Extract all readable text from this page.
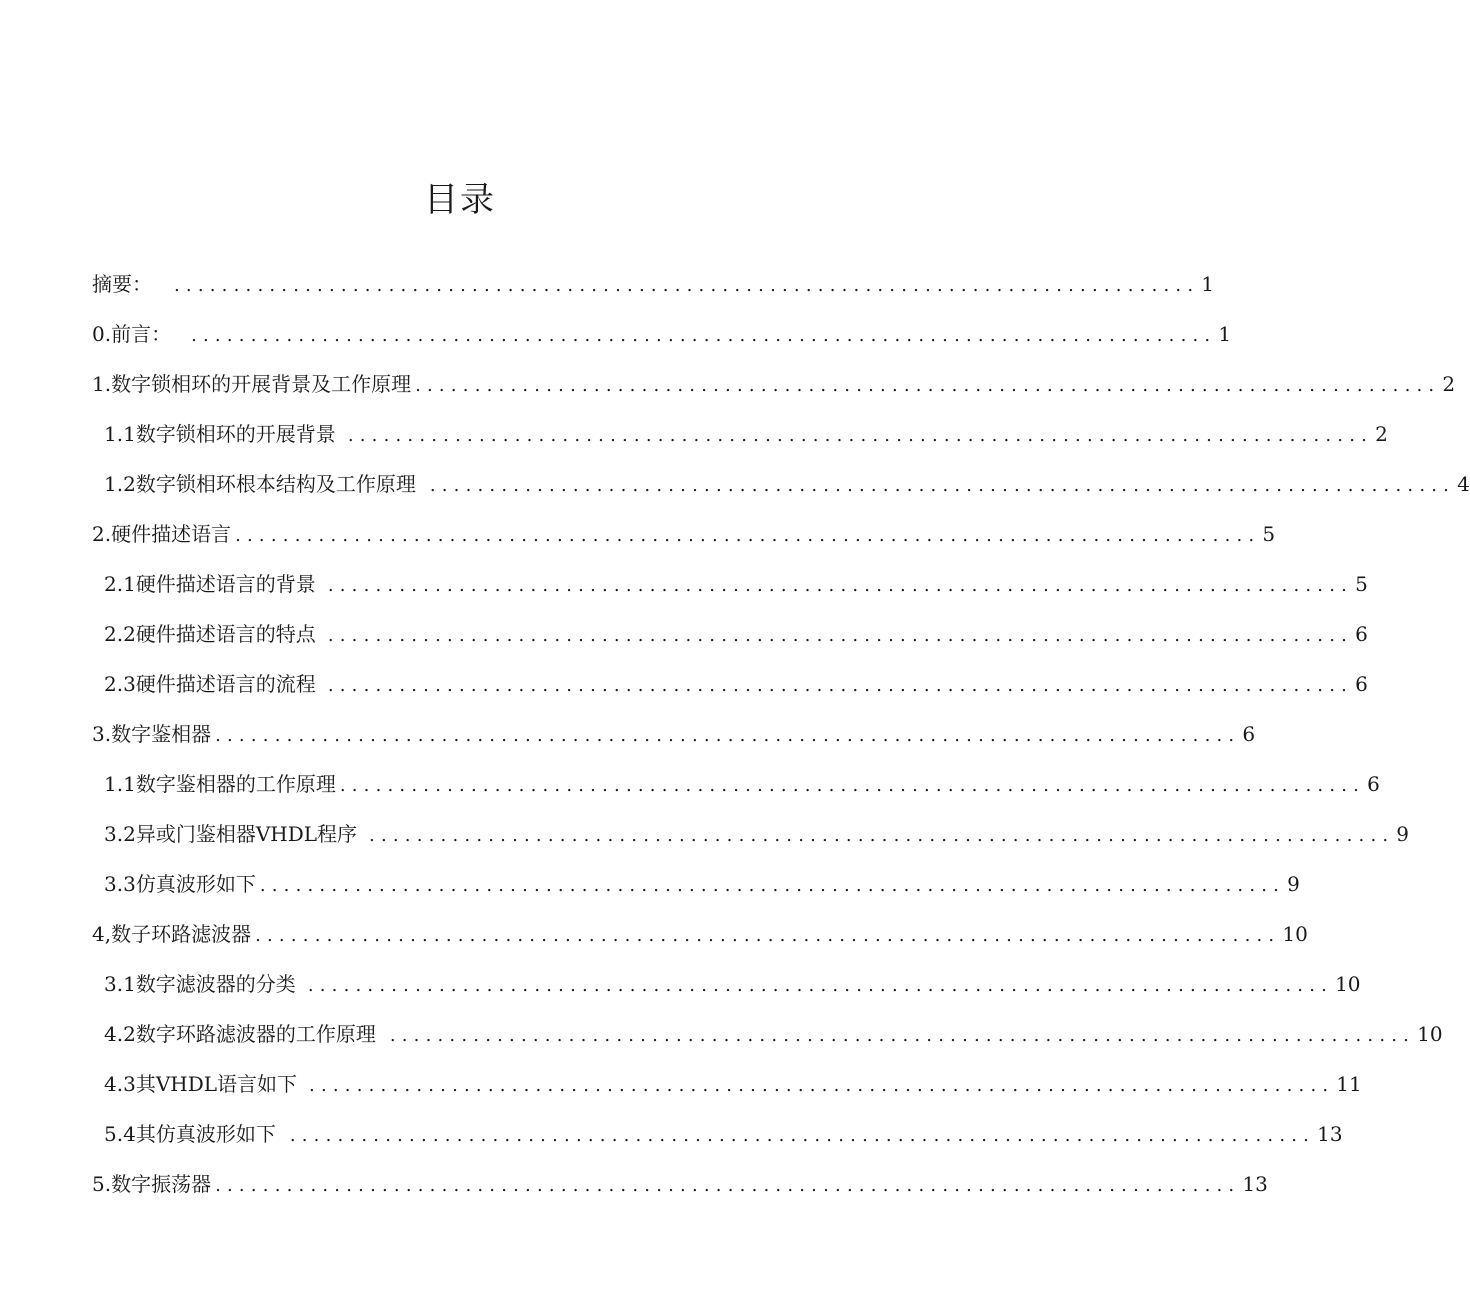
目录
摘要： ...................................................................................... 1
0.前言： ...................................................................................... 1
1 .数字锁相环的开展背景及工作原理 ...................................................................................... 2
1.1 数字锁相环的开展背景 ...................................................................................... 2
1. 2数字锁相环根本结构及工作原理 ...................................................................................... 4
2 .硬件描述语言 ...................................................................................... 5
2.1 硬件描述语言的背景 ...................................................................................... 5
2.2 硬件描述语言的特点 ...................................................................................... 6
2.3 硬件描述语言的流程 ...................................................................................... 6
3 .数字鉴相器 ...................................................................................... 6
1 .1数字鉴相器的工作原理 ...................................................................................... 6
3 .2异或门鉴相器VHDL程序 ...................................................................................... 9
3. 3仿真波形如下 ...................................................................................... 9
4,数子环路滤波器 ...................................................................................... 10
3.1 数字滤波器的分类 ...................................................................................... 10
4. 2数字环路滤波器的工作原理 ...................................................................................... 10
4 .3其VHDL语言如下 ...................................................................................... 11
5 .4其仿真波形如下 ...................................................................................... 13
5 .数字振荡器 ...................................................................................... 13
